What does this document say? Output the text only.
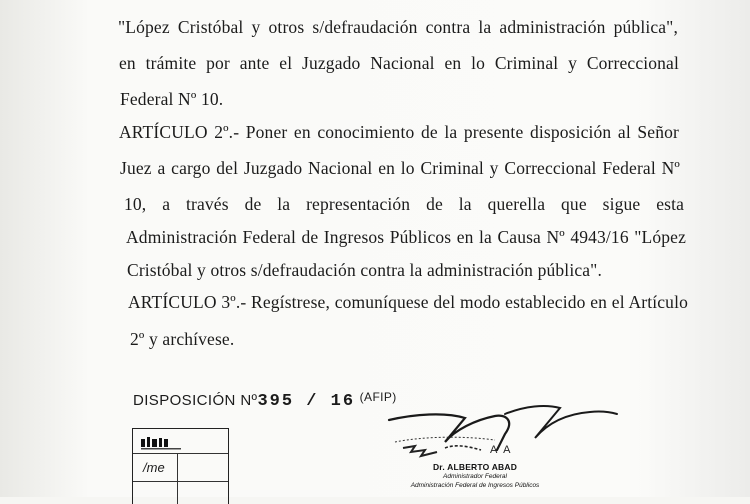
"López Cristóbal y otros s/defraudación contra la administración pública",
en trámite por ante el Juzgado Nacional en lo Criminal y Correccional
Federal Nº 10.
ARTÍCULO 2º.- Poner en conocimiento de la presente disposición al Señor
Juez a cargo del Juzgado Nacional en lo Criminal y Correccional Federal Nº
10, a través de la representación de la querella que sigue esta
Administración Federal de Ingresos Públicos en la Causa Nº 4943/16 "López
Cristóbal y otros s/defraudación contra la administración pública".
ARTÍCULO 3º.- Regístrese, comuníquese del modo establecido en el Artículo
2º y archívese.
DISPOSICIÓN Nº395 / 16 $^{(AFIP)}$
/me
A A
Dr. ALBERTO ABAD
Administrador Federal
Administración Federal de Ingresos Públicos
